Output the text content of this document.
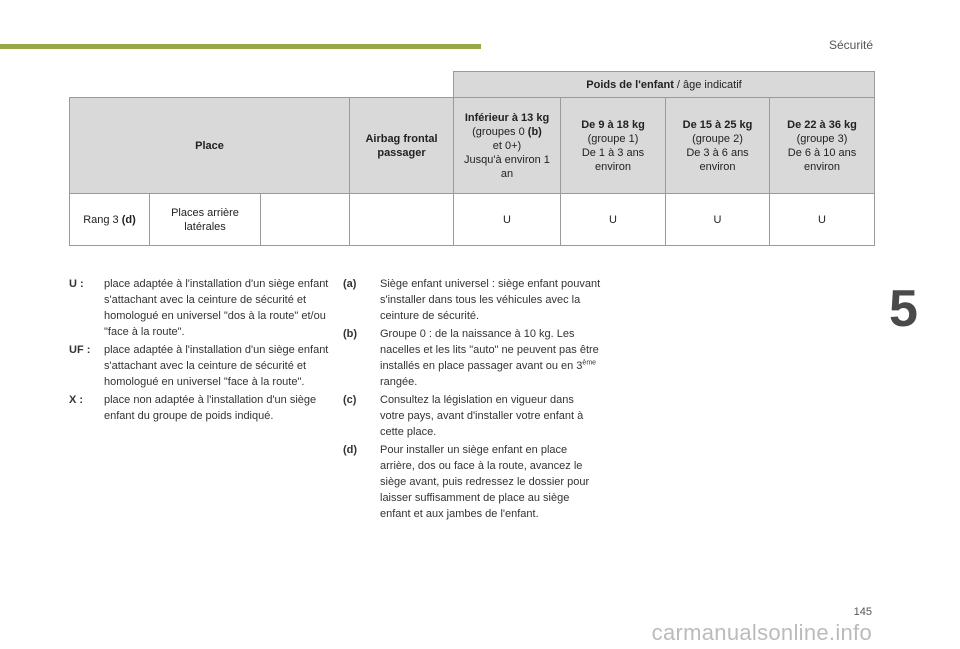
Sécurité
5
				Poids de l'enfant / âge indicatif			
Place			Airbag frontal passager	Inférieur à 13 kg
(groupes 0 (b)
et 0+)
Jusqu'à environ 1 an	De 9 à 18 kg
(groupe 1)
De 1 à 3 ans environ	De 15 à 25 kg
(groupe 2)
De 3 à 6 ans environ	De 22 à 36 kg
(groupe 3)
De 6 à 10 ans environ
Rang 3 (d)	Places arrière latérales			U	U	U	U
U :	place adaptée à l'installation d'un siège enfant s'attachant avec la ceinture de sécurité et homologué en universel "dos à la route" et/ou "face à la route".
UF :	place adaptée à l'installation d'un siège enfant s'attachant avec la ceinture de sécurité et homologué en universel "face à la route".
X :	place non adaptée à l'installation d'un siège enfant du groupe de poids indiqué.
(a)	Siège enfant universel : siège enfant pouvant s'installer dans tous les véhicules avec la ceinture de sécurité.
(b)	Groupe 0 : de la naissance à 10 kg. Les nacelles et les lits "auto" ne peuvent pas être installés en place passager avant ou en 3ème rangée.
(c)	Consultez la législation en vigueur dans votre pays, avant d'installer votre enfant à cette place.
(d)	Pour installer un siège enfant en place arrière, dos ou face à la route, avancez le siège avant, puis redressez le dossier pour laisser suffisamment de place au siège enfant et aux jambes de l'enfant.
145
carmanualsonline.info
